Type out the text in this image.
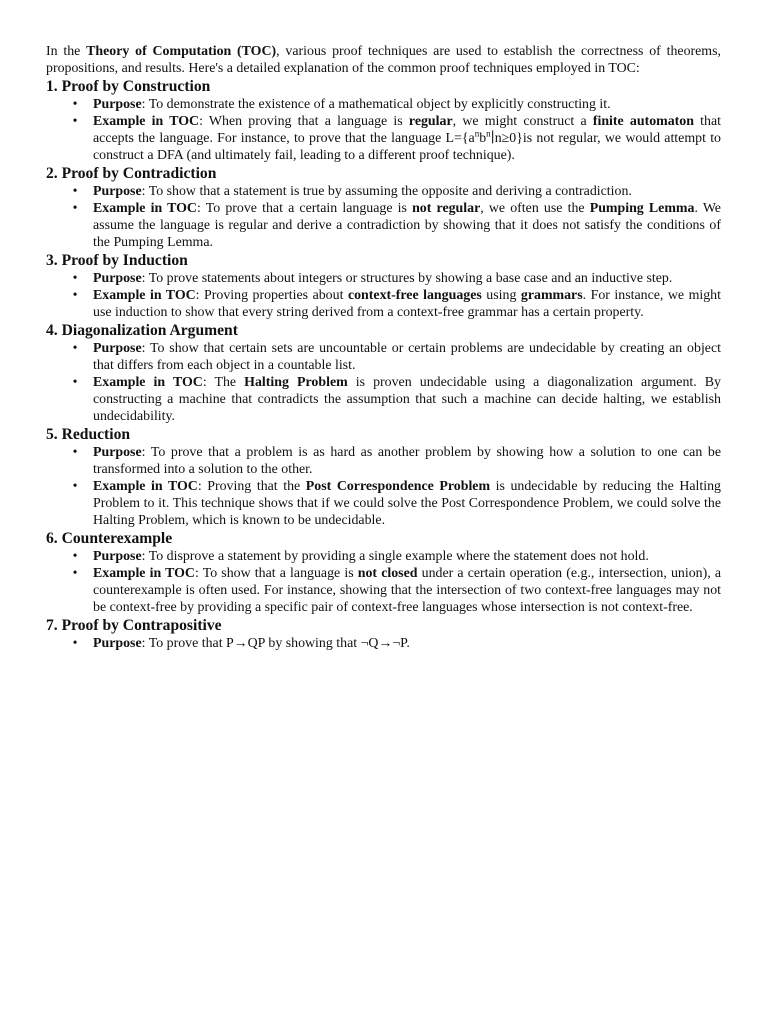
In the Theory of Computation (TOC), various proof techniques are used to establish the correctness of theorems, propositions, and results. Here's a detailed explanation of the common proof techniques employed in TOC:

1. Proof by Construction
• Purpose: To demonstrate the existence of a mathematical object by explicitly constructing it.
• Example in TOC: When proving that a language is regular, we might construct a finite automaton that accepts the language. For instance, to prove that the language $L=\{a^nb^n∣n\ge 0\}is$ not regular, we would attempt to construct a DFA (and ultimately fail, leading to a different proof technique).
2. Proof by Contradiction
• Purpose: To show that a statement is true by assuming the opposite and deriving a contradiction.
• Example in TOC: To prove that a certain language is not regular, we often use the Pumping Lemma. We assume the language is regular and derive a contradiction by showing that it does not satisfy the conditions of the Pumping Lemma.
3. Proof by Induction
• Purpose: To prove statements about integers or structures by showing a base case and an inductive step.
• Example in TOC: Proving properties about context-free languages using grammars. For instance, we might use induction to show that every string derived from a context-free grammar has a certain property.
4. Diagonalization Argument
• Purpose: To show that certain sets are uncountable or certain problems are undecidable by creating an object that differs from each object in a countable list.
• Example in TOC: The Halting Problem is proven undecidable using a diagonalization argument. By constructing a machine that contradicts the assumption that such a machine can decide halting, we establish undecidability.
5. Reduction
• Purpose: To prove that a problem is as hard as another problem by showing how a solution to one can be transformed into a solution to the other.
• Example in TOC: Proving that the Post Correspondence Problem is undecidable by reducing the Halting Problem to it. This technique shows that if we could solve the Post Correspondence Problem, we could solve the Halting Problem, which is known to be undecidable.
6. Counterexample
• Purpose: To disprove a statement by providing a single example where the statement does not hold.
• Example in TOC: To show that a language is not closed under a certain operation (e.g., intersection, union), a counterexample is often used. For instance, showing that the intersection of two context-free languages may not be context-free by providing a specific pair of context-free languages whose intersection is not context-free.
7. Proof by Contrapositive
• Purpose: To prove that P→QP by showing that ¬Q→¬P.
